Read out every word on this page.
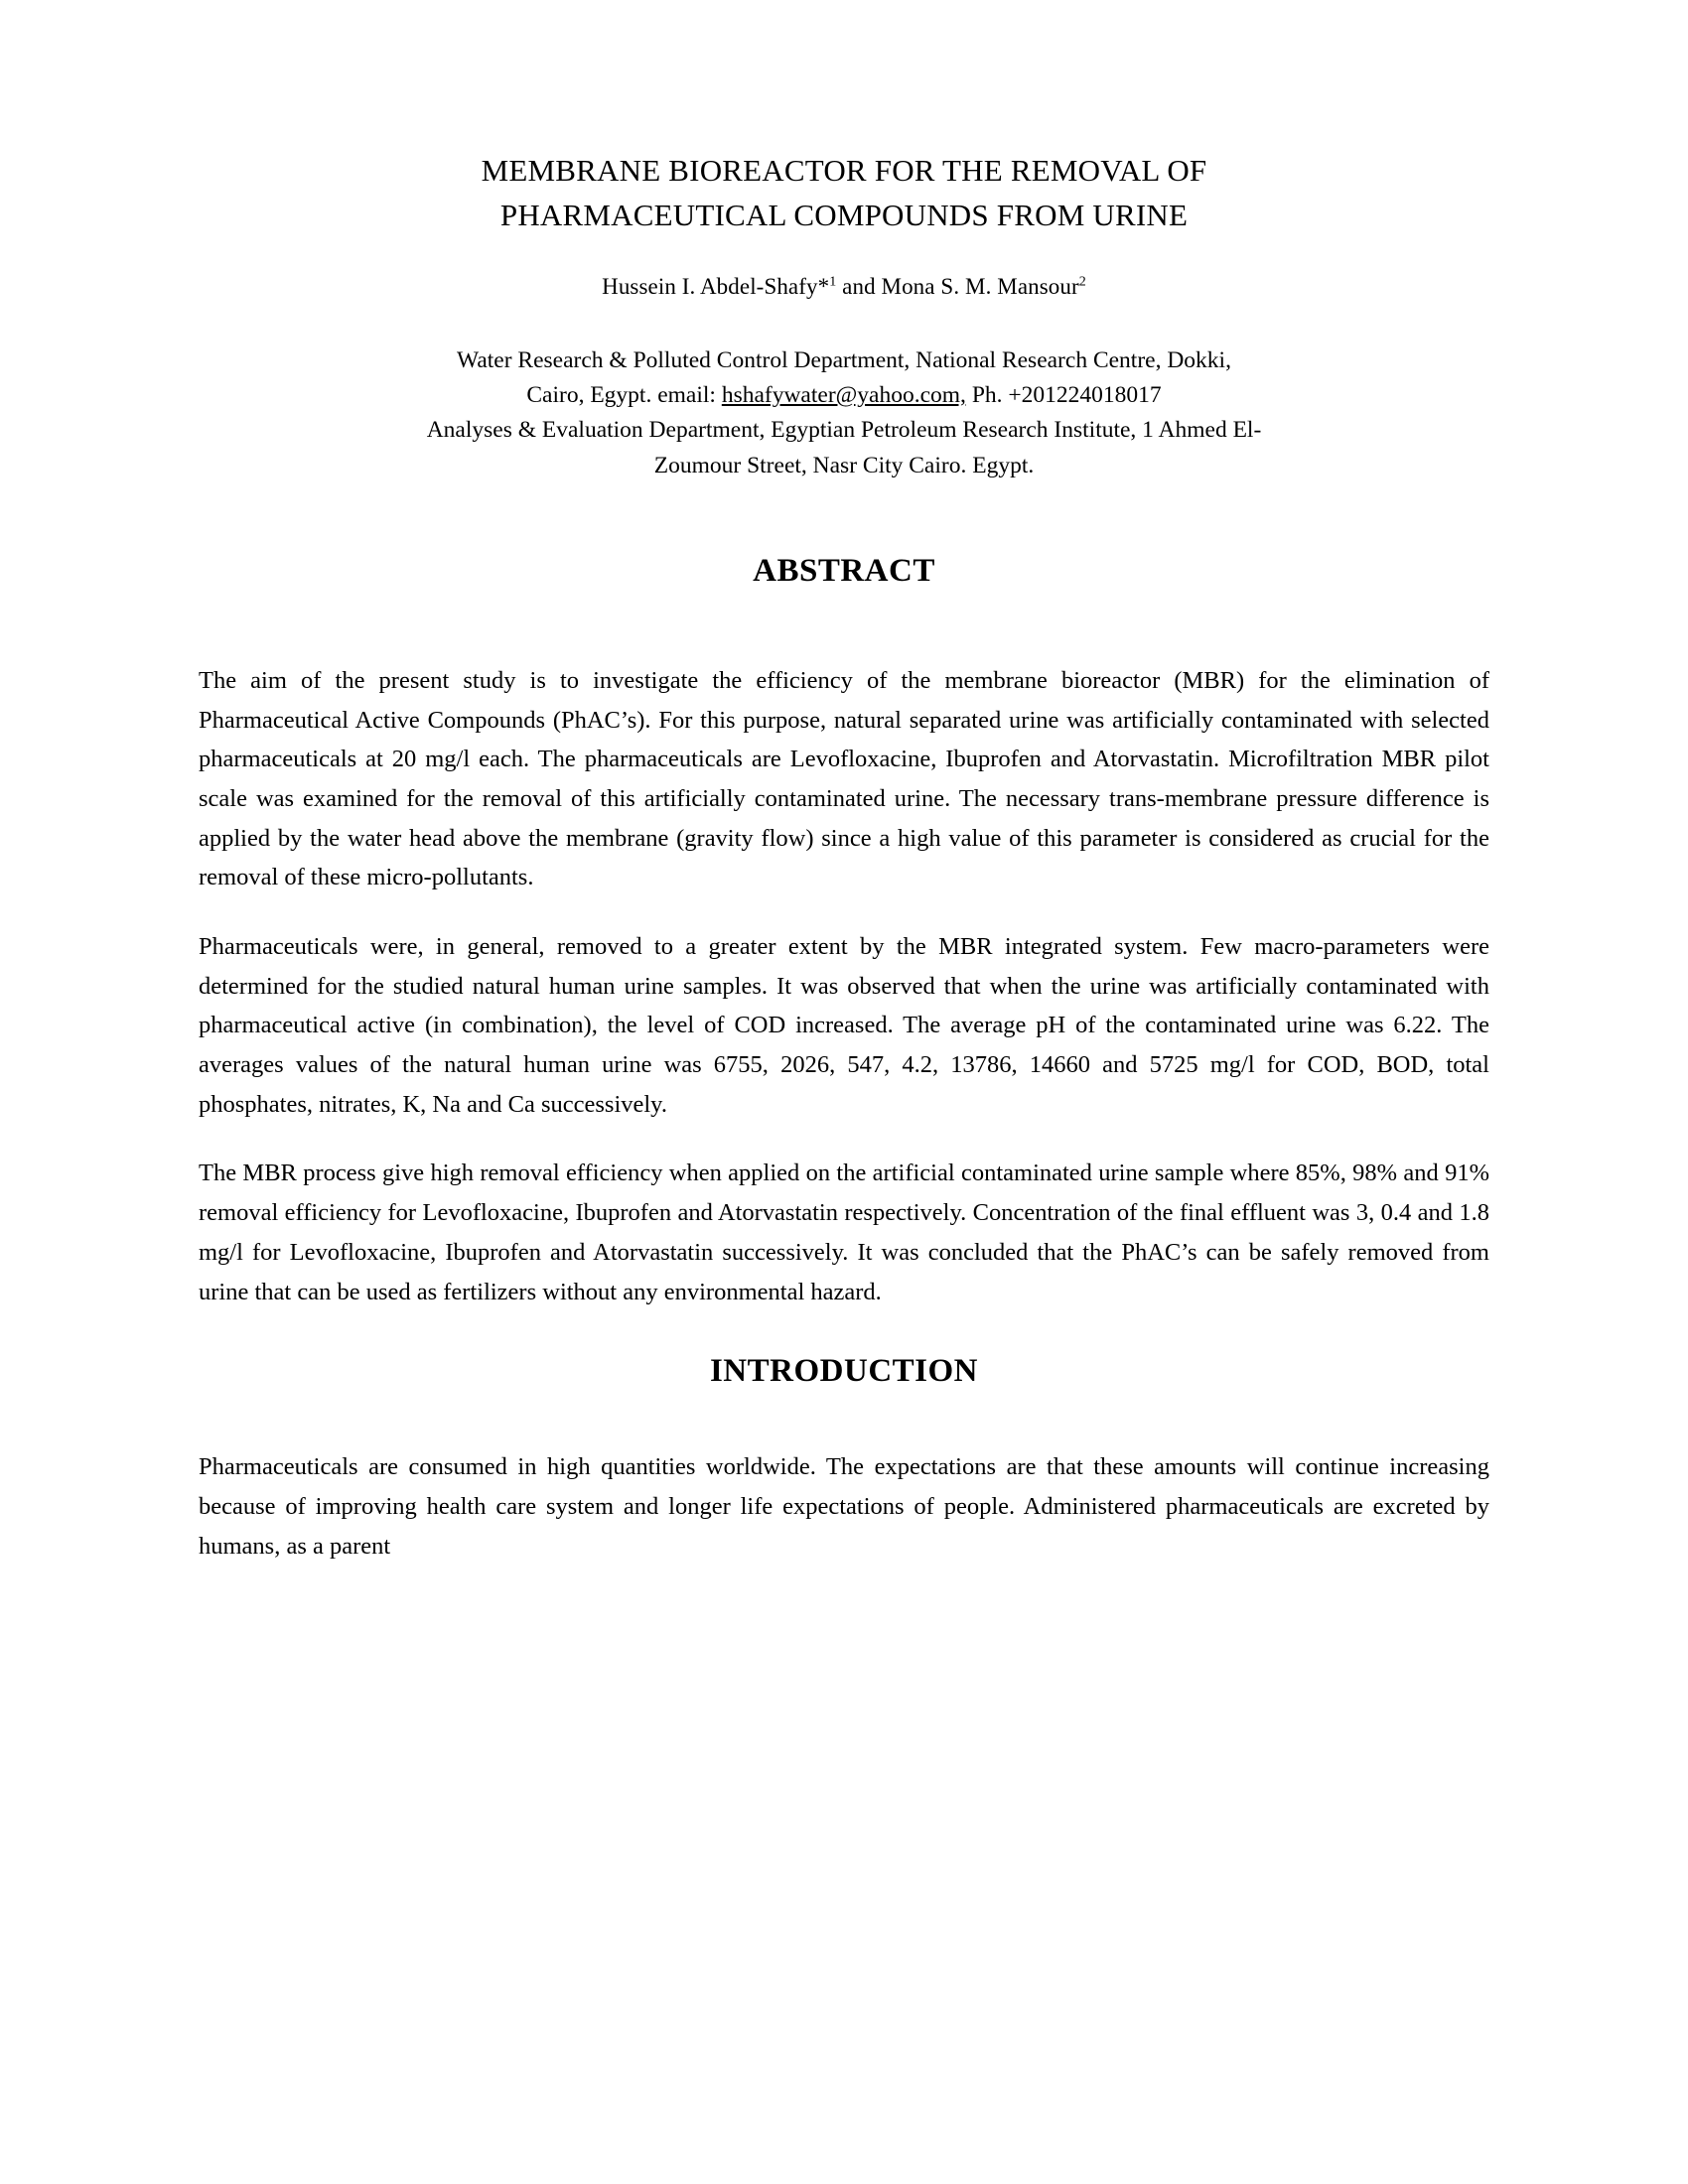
MEMBRANE BIOREACTOR FOR THE REMOVAL OF
PHARMACEUTICAL COMPOUNDS FROM URINE
Hussein I. Abdel-Shafy*$^1$ and Mona S. M. Mansour$^2$
Water Research & Polluted Control Department, National Research Centre, Dokki,
Cairo, Egypt. email: hshafywater@yahoo.com, Ph. +201224018017
Analyses & Evaluation Department, Egyptian Petroleum Research Institute, 1 Ahmed El-
Zoumour Street, Nasr City Cairo. Egypt.
ABSTRACT

The aim of the present study is to investigate the efficiency of the membrane bioreactor (MBR) for the elimination of Pharmaceutical Active Compounds (PhAC’s). For this purpose, natural separated urine was artificially contaminated with selected pharmaceuticals at 20 mg/l each. The pharmaceuticals are Levofloxacine, Ibuprofen and Atorvastatin. Microfiltration MBR pilot scale was examined for the removal of this artificially contaminated urine. The necessary trans-membrane pressure difference is applied by the water head above the membrane (gravity flow) since a high value of this parameter is considered as crucial for the removal of these micro-pollutants.

Pharmaceuticals were, in general, removed to a greater extent by the MBR integrated system. Few macro-parameters were determined for the studied natural human urine samples. It was observed that when the urine was artificially contaminated with pharmaceutical active (in combination), the level of COD increased. The average pH of the contaminated urine was 6.22. The averages values of the natural human urine was 6755, 2026, 547, 4.2, 13786, 14660 and 5725 mg/l for COD, BOD, total phosphates, nitrates, K, Na and Ca successively.

The MBR process give high removal efficiency when applied on the artificial contaminated urine sample where 85%, 98% and 91% removal efficiency for Levofloxacine, Ibuprofen and Atorvastatin respectively. Concentration of the final effluent was 3, 0.4 and 1.8 mg/l for Levofloxacine, Ibuprofen and Atorvastatin successively. It was concluded that the PhAC’s can be safely removed from urine that can be used as fertilizers without any environmental hazard.

INTRODUCTION

Pharmaceuticals are consumed in high quantities worldwide. The expectations are that these amounts will continue increasing because of improving health care system and longer life expectations of people. Administered pharmaceuticals are excreted by humans, as a parent
